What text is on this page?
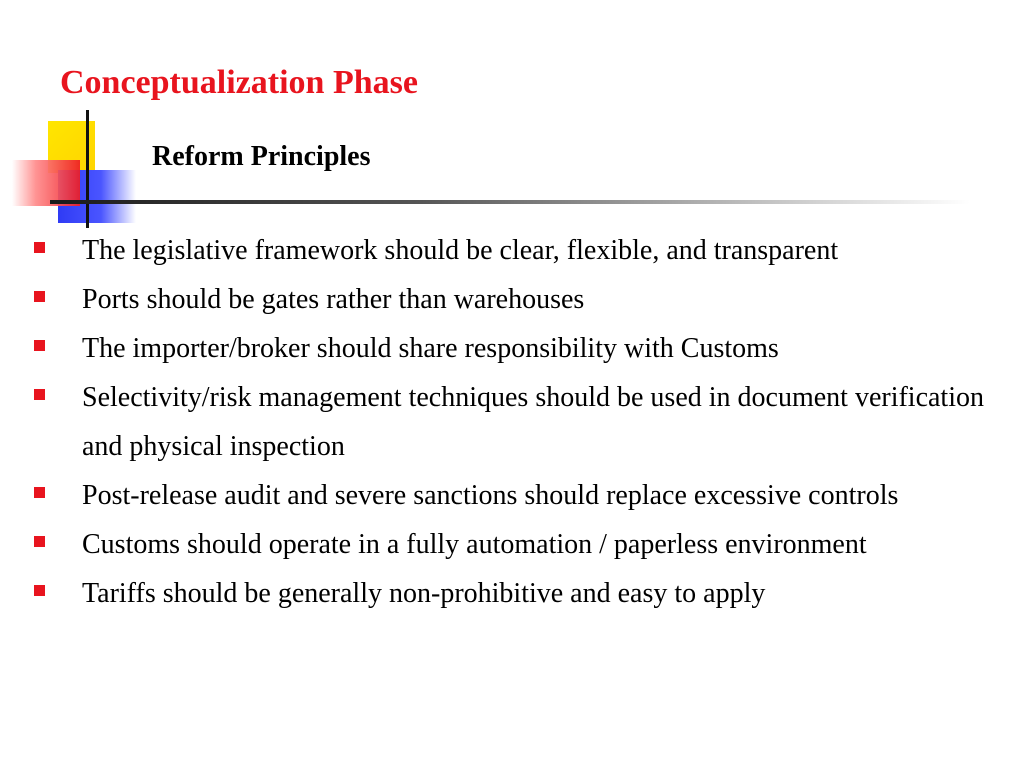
Conceptualization Phase
Reform Principles
The legislative framework should be clear, flexible, and transparent
Ports should be gates rather than warehouses
The importer/broker should share responsibility with Customs
Selectivity/risk management techniques should be used in document verification and physical inspection
Post-release audit and severe sanctions should replace excessive controls
Customs should operate in a fully automation / paperless environment
Tariffs should be generally non-prohibitive and easy to apply
